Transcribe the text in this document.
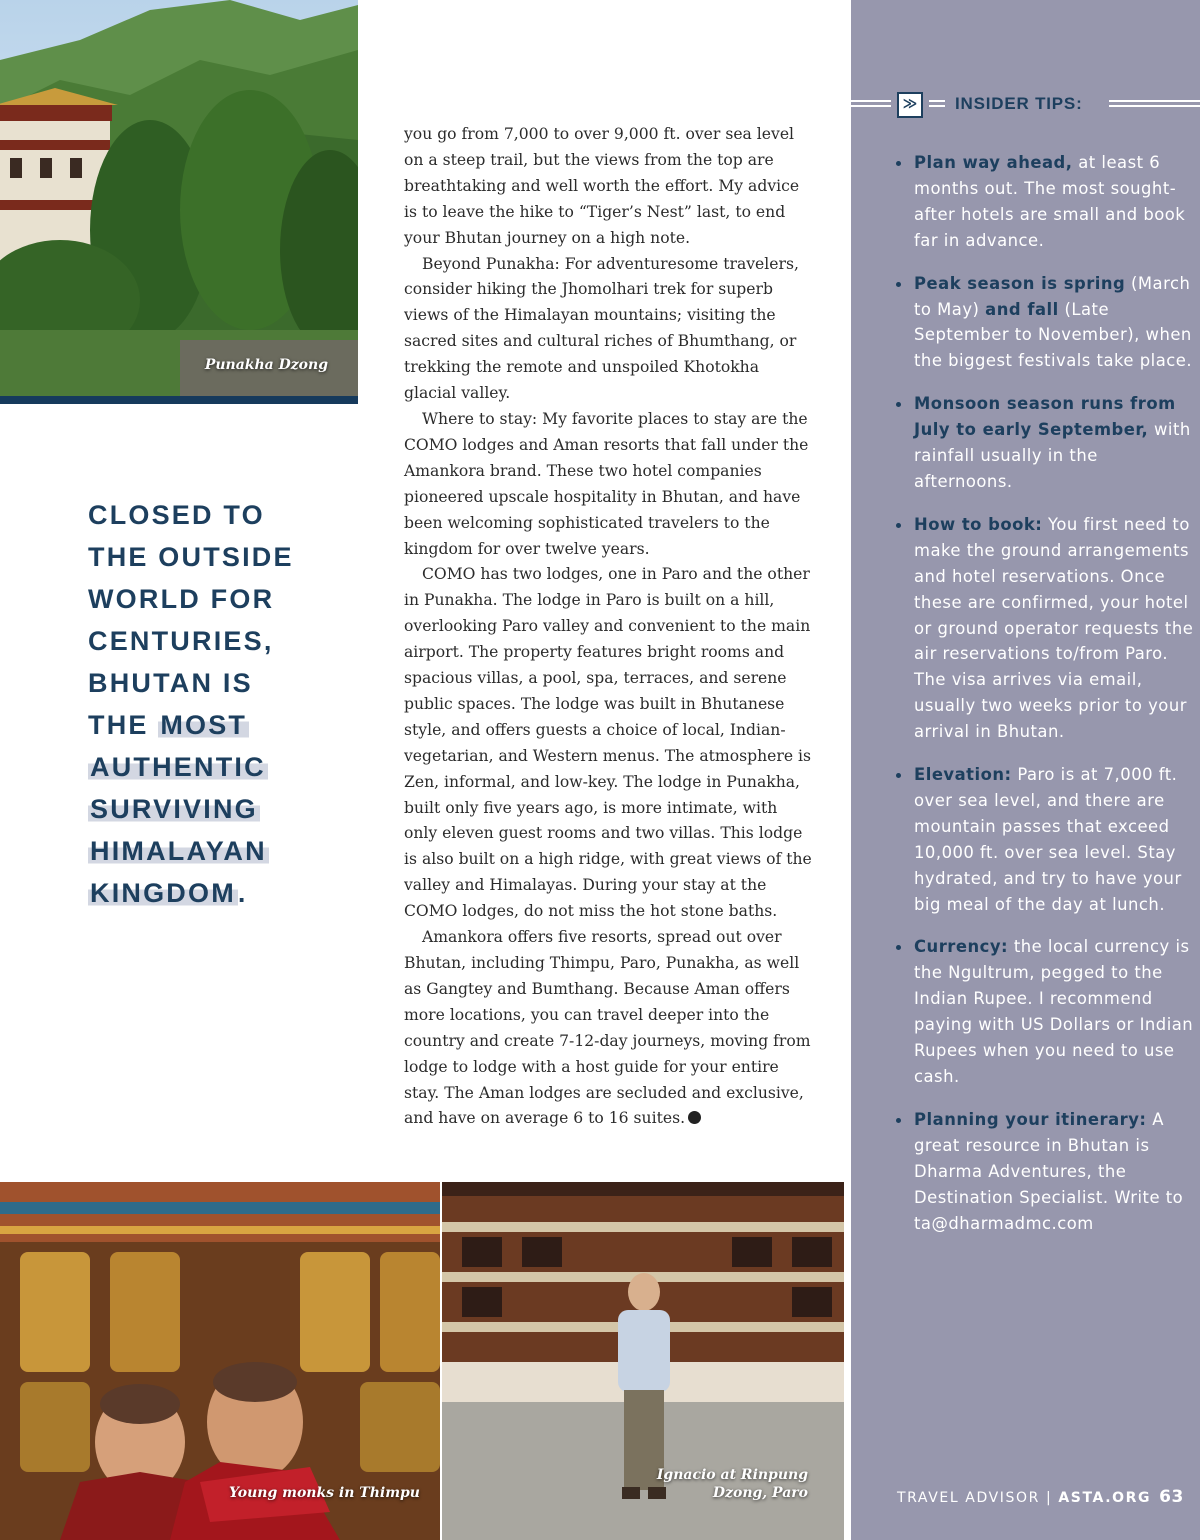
Punakha Dzong
CLOSED TO
THE OUTSIDE
WORLD FOR
CENTURIES,
BHUTAN IS
THE MOST
AUTHENTIC
SURVIVING
HIMALAYAN
KINGDOM.

you go from 7,000 to over 9,000 ft. over sea level on a steep trail, but the views from the top are breathtaking and well worth the effort. My advice is to leave the hike to “Tiger’s Nest” last, to end your Bhutan journey on a high note.

Beyond Punakha: For adventuresome travelers, consider hiking the Jhomolhari trek for superb views of the Himalayan mountains; visiting the sacred sites and cultural riches of Bhumthang, or trekking the remote and unspoiled Khotokha glacial valley.

Where to stay: My favorite places to stay are the COMO lodges and Aman resorts that fall under the Amankora brand. These two hotel companies pioneered upscale hospitality in Bhutan, and have been welcoming sophisticated travelers to the kingdom for over twelve years.

COMO has two lodges, one in Paro and the other in Punakha. The lodge in Paro is built on a hill, overlooking Paro valley and convenient to the main airport. The property features bright rooms and spacious villas, a pool, spa, terraces, and serene public spaces. The lodge was built in Bhutanese style, and offers guests a choice of local, Indian-vegetarian, and Western menus. The atmosphere is Zen, informal, and low-key. The lodge in Punakha, built only five years ago, is more intimate, with only eleven guest rooms and two villas. This lodge is also built on a high ridge, with great views of the valley and Himalayas. During your stay at the COMO lodges, do not miss the hot stone baths.

Amankora offers five resorts, spread out over Bhutan, including Thimpu, Paro, Punakha, as well as Gangtey and Bumthang. Because Aman offers more locations, you can travel deeper into the country and create 7-12-day journeys, moving from lodge to lodge with a host guide for your entire stay. The Aman lodges are secluded and exclusive, and have on average 6 to 16 suites.

Young monks in Thimpu
Ignacio at Rinpung Dzong, Paro
≫	INSIDER TIPS:
Plan way ahead, at least 6 months out. The most sought-after hotels are small and book far in advance.
Peak season is spring (March to May) and fall (Late September to November), when the biggest festivals take place.
Monsoon season runs from July to early September, with rainfall usually in the afternoons.
How to book: You first need to make the ground arrangements and hotel reservations. Once these are confirmed, your hotel or ground operator requests the air reservations to/from Paro. The visa arrives via email, usually two weeks prior to your arrival in Bhutan.
Elevation: Paro is at 7,000 ft. over sea level, and there are mountain passes that exceed 10,000 ft. over sea level. Stay hydrated, and try to have your big meal of the day at lunch.
Currency: the local currency is the Ngultrum, pegged to the Indian Rupee. I recommend paying with US Dollars or Indian Rupees when you need to use cash.
Planning your itinerary: A great resource in Bhutan is Dharma Adventures, the Destination Specialist. Write to ta@dharmadmc.com
TRAVEL ADVISOR | ASTA.ORG 63
